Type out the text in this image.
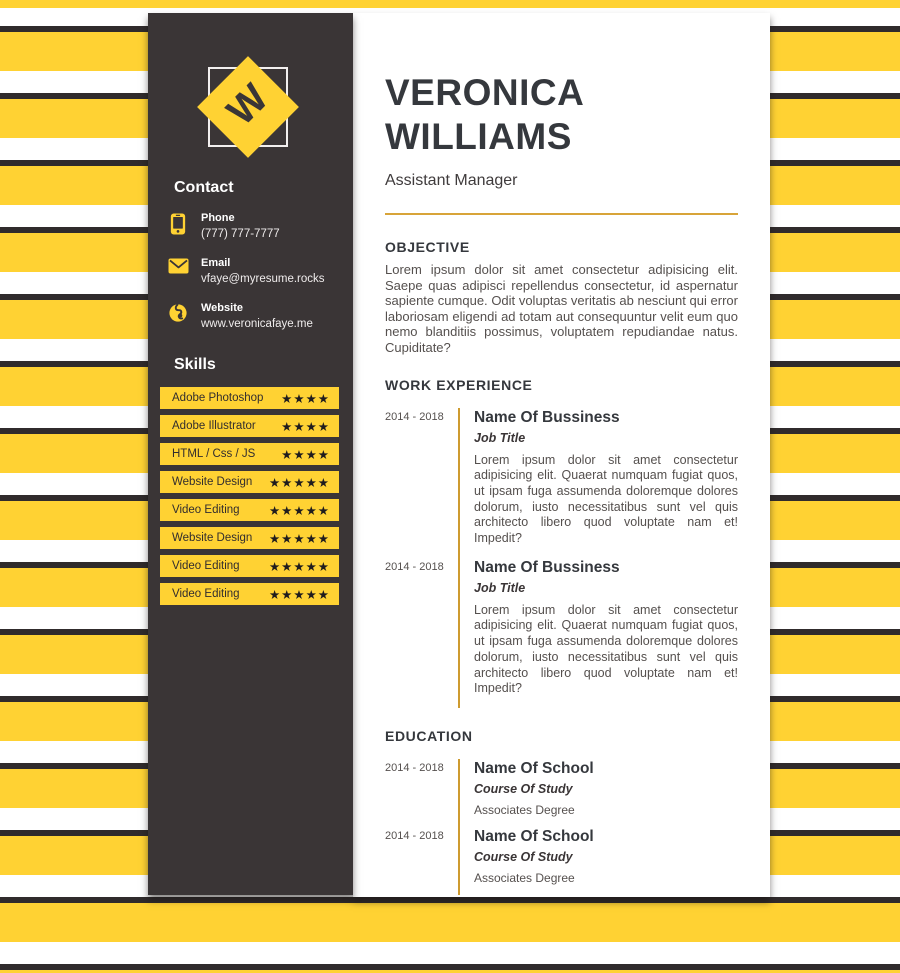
VERONICA
WILLIAMS
Assistant Manager
OBJECTIVE
Lorem ipsum dolor sit amet consectetur adipisicing elit. Saepe quas adipisci repellendus consectetur, id aspernatur sapiente cumque. Odit voluptas veritatis ab nesciunt qui error laboriosam eligendi ad totam aut consequuntur velit eum quo nemo blanditiis possimus, voluptatem repudiandae natus. Cupiditate?
WORK EXPERIENCE
2014 - 2018	Name Of Bussiness
Job Title
Lorem ipsum dolor sit amet consectetur adipisicing elit. Quaerat numquam fugiat quos, ut ipsam fuga assumenda doloremque dolores dolorum, iusto necessitatibus sunt vel quis architecto libero quod voluptate nam et! Impedit?
2014 - 2018	Name Of Bussiness
Job Title
Lorem ipsum dolor sit amet consectetur adipisicing elit. Quaerat numquam fugiat quos, ut ipsam fuga assumenda doloremque dolores dolorum, iusto necessitatibus sunt vel quis architecto libero quod voluptate nam et! Impedit?
EDUCATION
2014 - 2018	Name Of School
Course Of Study
Associates Degree
2014 - 2018	Name Of School
Course Of Study
Associates Degree
W
Contact
Phone
(777) 777-7777
Email
vfaye@myresume.rocks
Website
www.veronicafaye.me
Skills
Adobe Photoshop ★★★★
Adobe Illustrator ★★★★
HTML / Css / JS ★★★★
Website Design ★★★★★
Video Editing ★★★★★
Website Design ★★★★★
Video Editing ★★★★★
Video Editing ★★★★★
